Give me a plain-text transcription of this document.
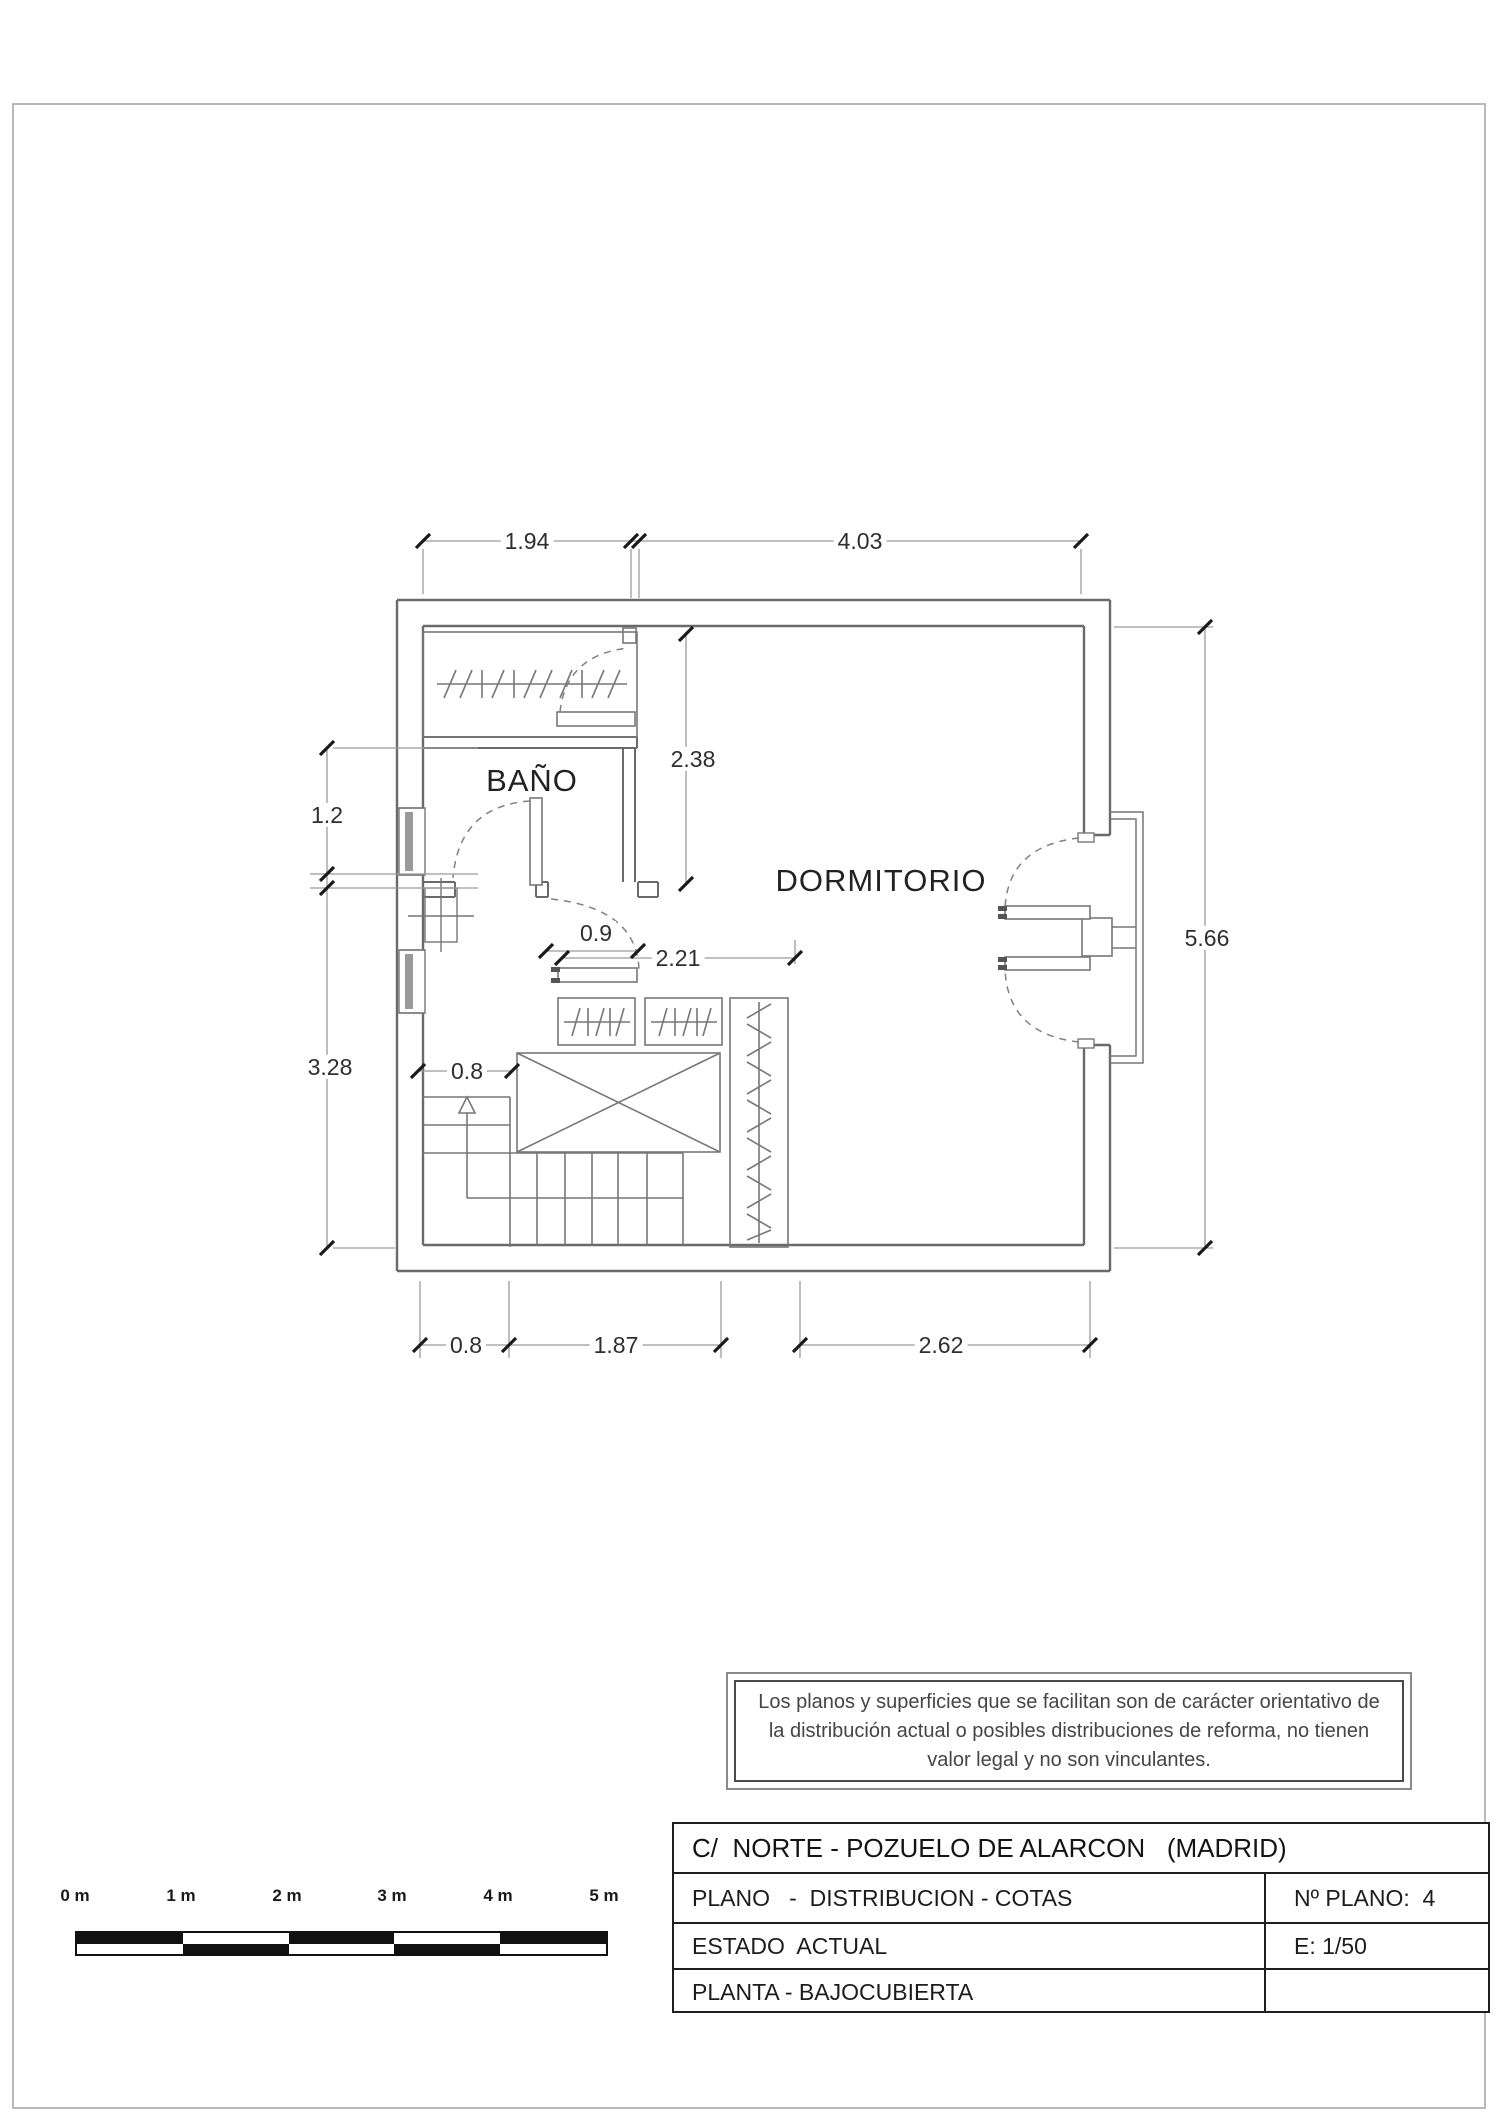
BAÑO
DORMITORIO
1.94	4.03
1.2
3.28
5.66
2.38
0.9
2.21
0.8
0.8	1.87	2.62
Los planos y superficies que se facilitan son de carácter orientativo de
la distribución actual o posibles distribuciones de reforma, no tienen
valor legal y no son vinculantes.
C/  NORTE - POZUELO DE ALARCON   (MADRID)
PLANO   -  DISTRIBUCION - COTAS	Nº PLANO:  4
ESTADO  ACTUAL	E: 1/50
PLANTA - BAJOCUBIERTA
0 m	1 m	2 m	3 m	4 m	5 m
